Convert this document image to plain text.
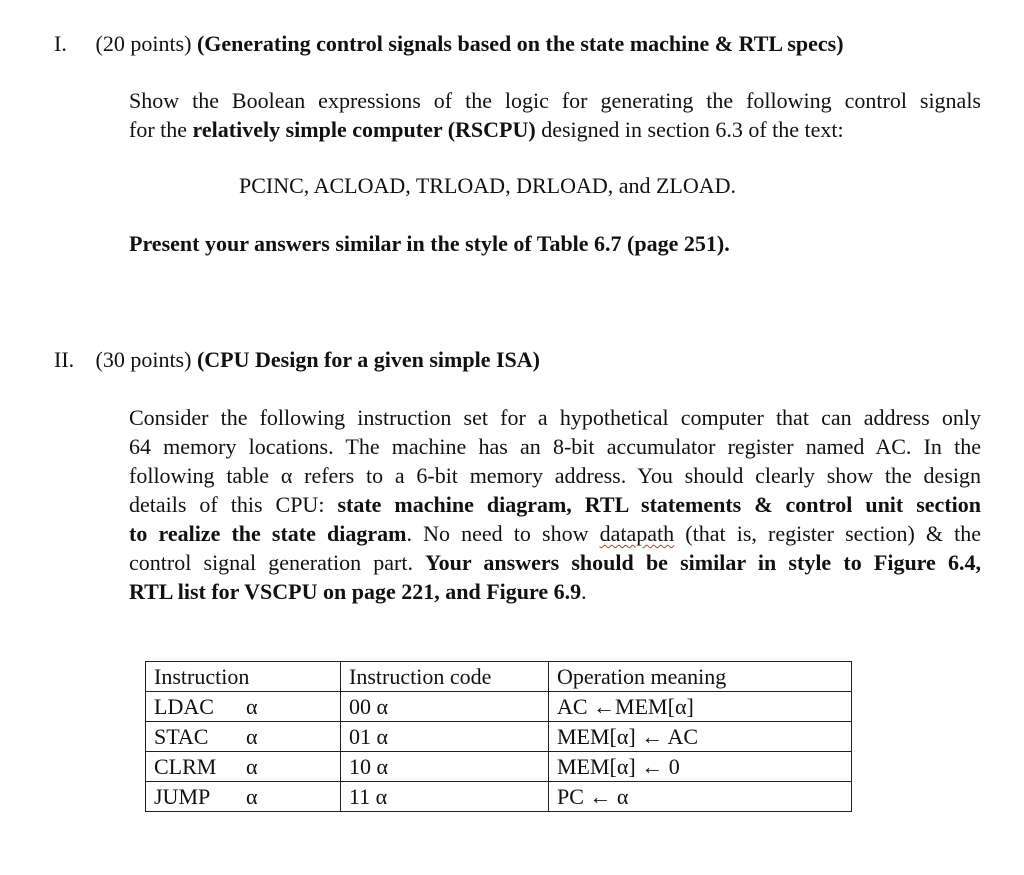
I. (20 points) (Generating control signals based on the state machine & RTL specs)
Show the Boolean expressions of the logic for generating the following control signals
for the relatively simple computer (RSCPU) designed in section 6.3 of the text:
PCINC, ACLOAD, TRLOAD, DRLOAD, and ZLOAD.
Present your answers similar in the style of Table 6.7 (page 251).
II. (30 points) (CPU Design for a given simple ISA)
Consider the following instruction set for a hypothetical computer that can address only
64 memory locations. The machine has an 8-bit accumulator register named AC. In the
following table α refers to a 6-bit memory address. You should clearly show the design
details of this CPU: state machine diagram, RTL statements & control unit section
to realize the state diagram. No need to show datapath (that is, register section) & the
control signal generation part. Your answers should be similar in style to Figure 6.4,
RTL list for VSCPU on page 221, and Figure 6.9.
Instruction	Instruction code	Operation meaning
LDAC α	00 α	AC ←MEM[α]
STAC α	01 α	MEM[α] ← AC
CLRM α	10 α	MEM[α] ← 0
JUMP α	11 α	PC ← α
